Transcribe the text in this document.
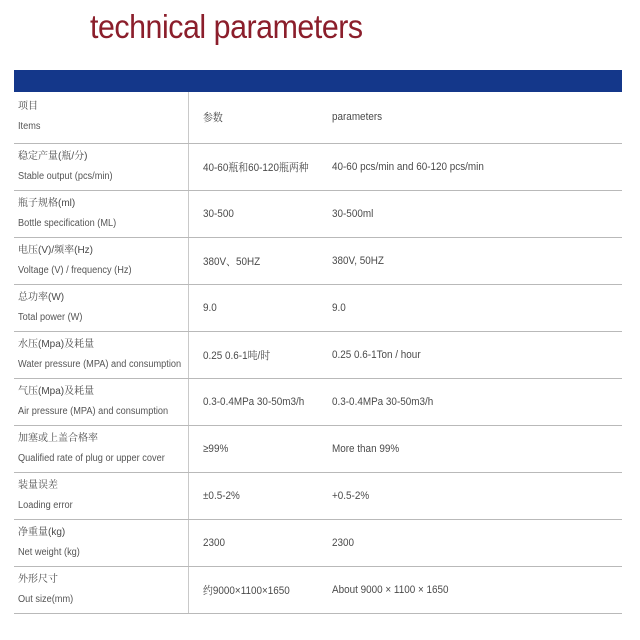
technical parameters
项目
Items	参数	parameters

稳定产量(瓶/分)
Stable output (pcs/min)	40-60瓶和60-120瓶两种	40-60 pcs/min and 60-120 pcs/min

瓶子规格(ml)
Bottle specification (ML)	30-500	30-500ml

电压(V)/频率(Hz)
Voltage (V) / frequency (Hz)	380V、50HZ	380V, 50HZ

总功率(W)
Total power (W)	9.0	9.0

水压(Mpa)及耗量
Water pressure (MPA) and consumption	0.25 0.6-1吨/时	0.25 0.6-1Ton / hour

气压(Mpa)及耗量
Air pressure (MPA) and consumption	0.3-0.4MPa 30-50m3/h	0.3-0.4MPa 30-50m3/h

加塞或上盖合格率
Qualified rate of plug or upper cover	≥99%	More than 99%

装量误差
Loading error	±0.5-2%	+0.5-2%

净重量(kg)
Net weight (kg)	2300	2300

外形尺寸
Out size(mm)	约9000×1100×1650	About 9000 × 1100 × 1650
